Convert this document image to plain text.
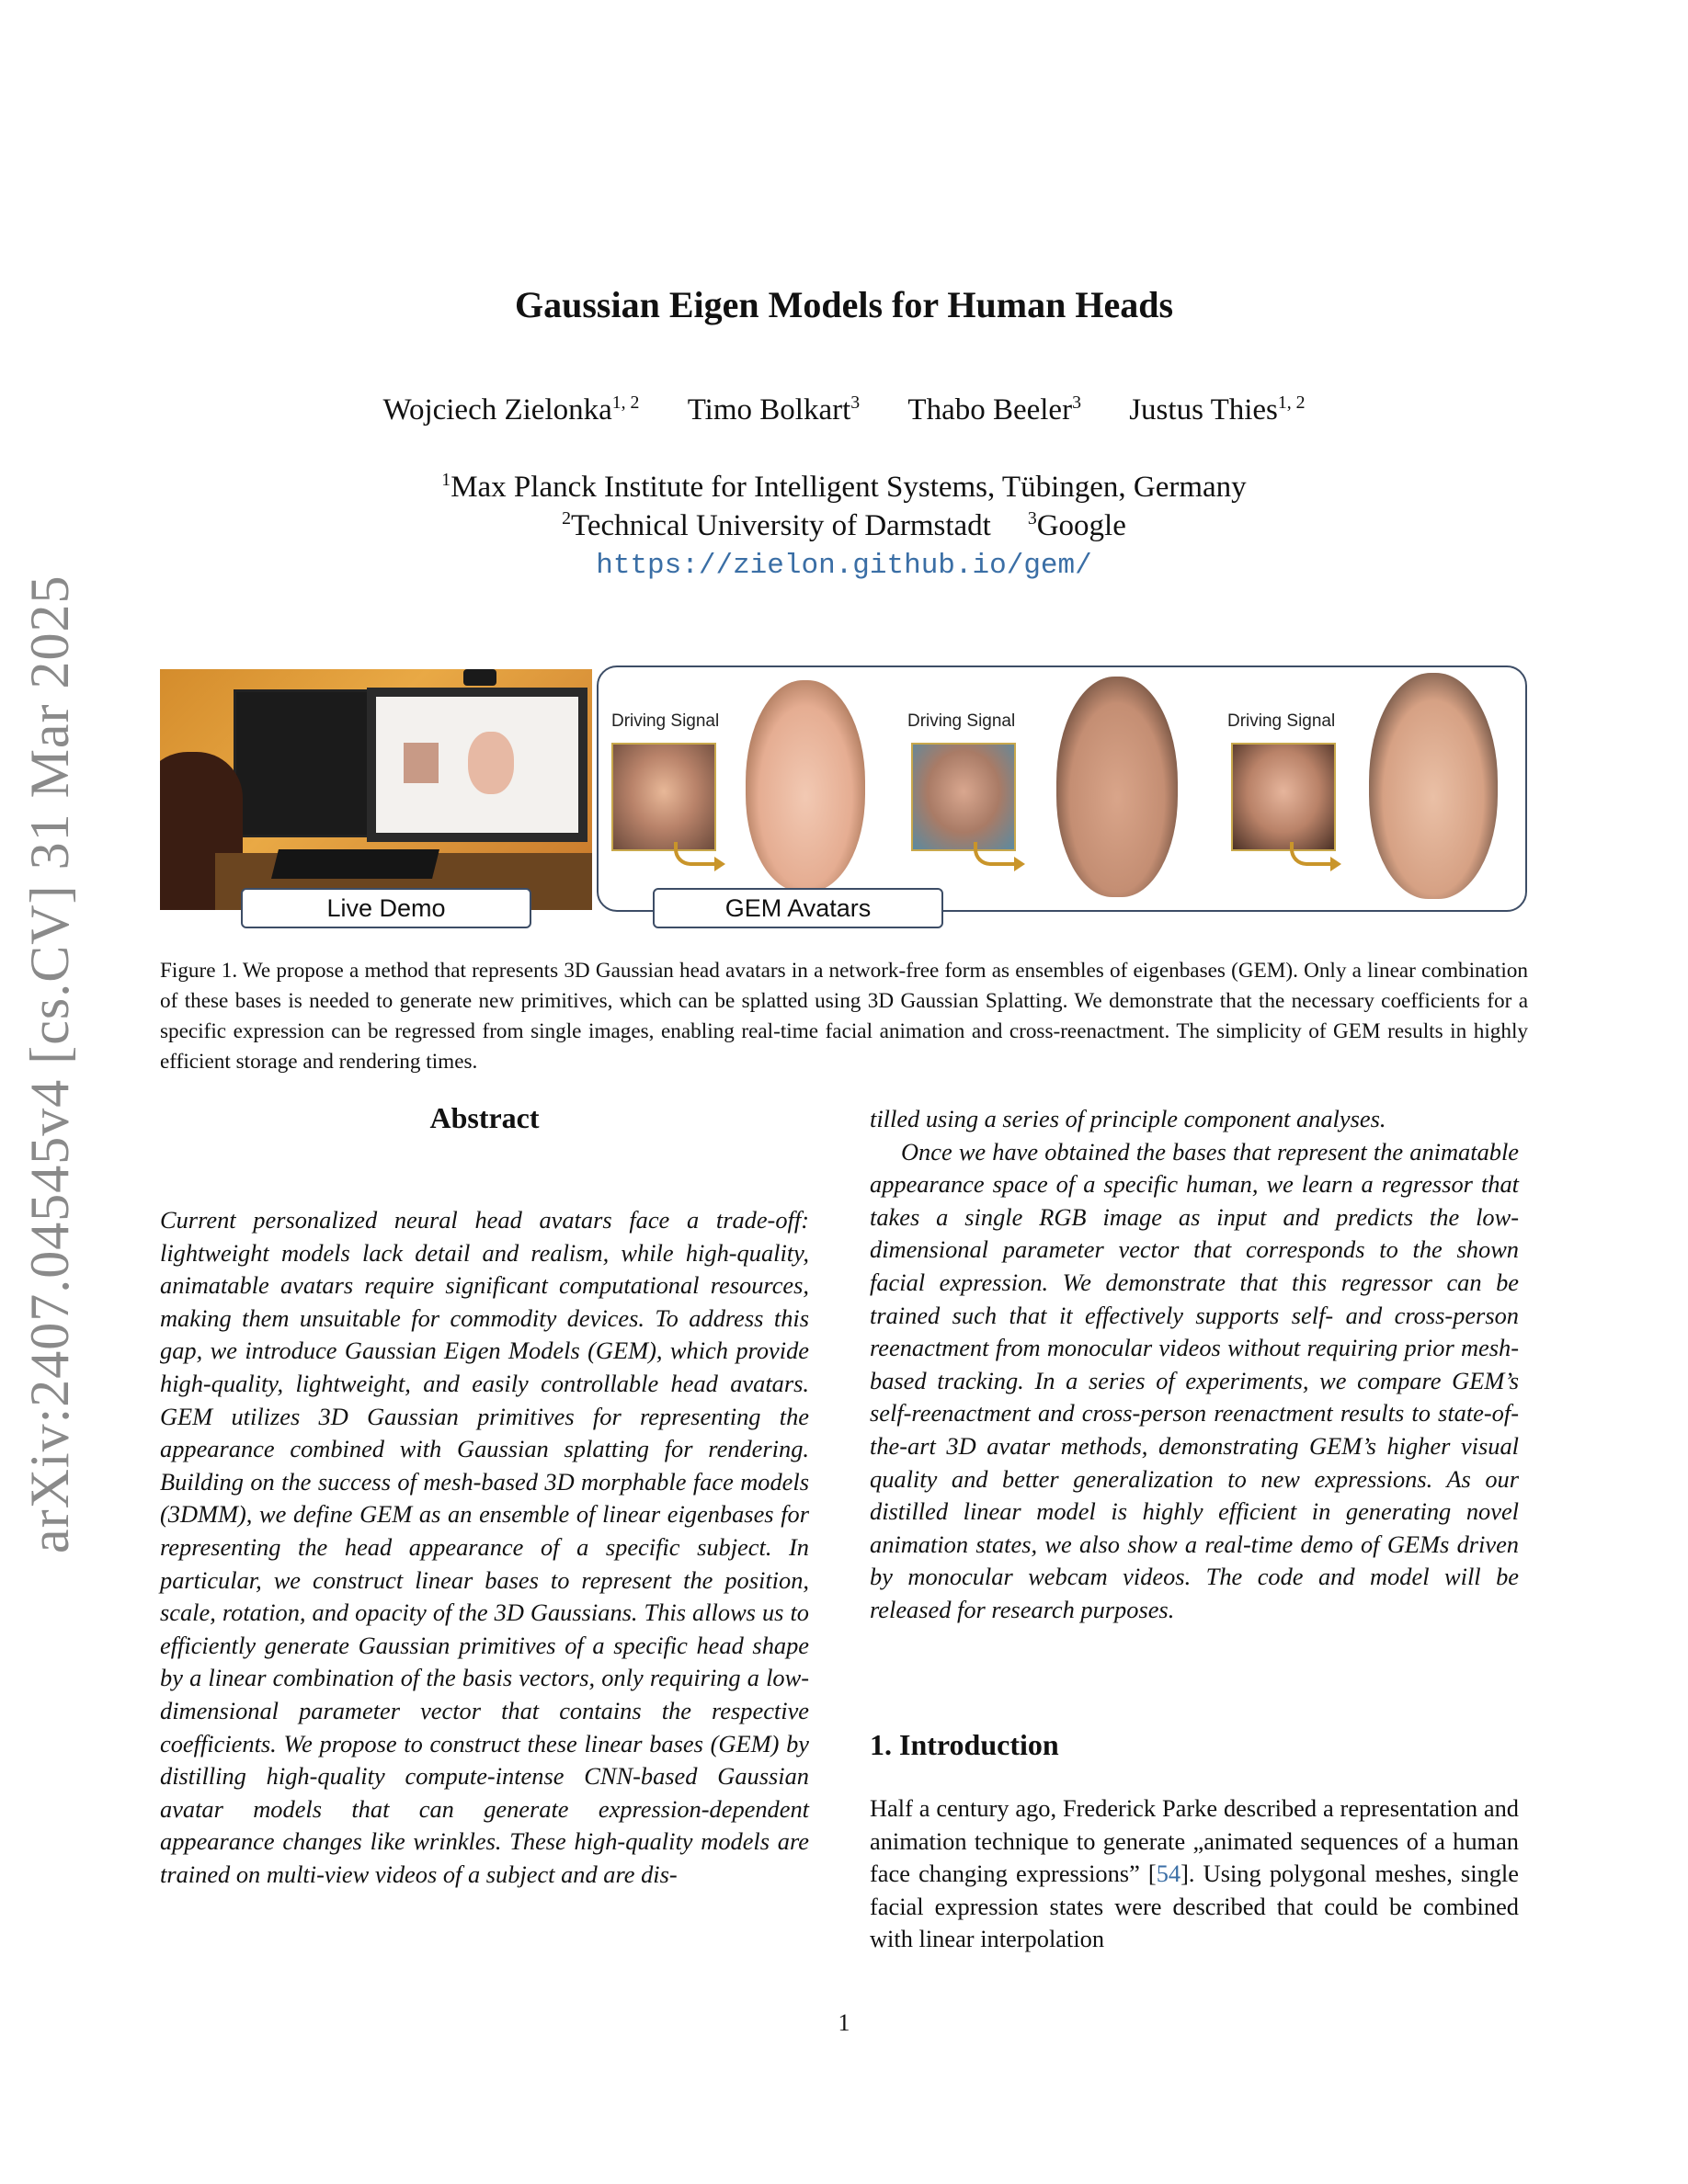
arXiv:2407.04545v4 [cs.CV] 31 Mar 2025
Gaussian Eigen Models for Human Heads
Wojciech Zielonka$^{1, 2}$ Timo Bolkart$^3$ Thabo Beeler$^3$ Justus Thies$^{1, 2}$
$^1$Max Planck Institute for Intelligent Systems, Tübingen, Germany
$^2$Technical University of Darmstadt $^3$Google
https://zielon.github.io/gem/
Driving Signal	Driving Signal	Driving Signal
Live Demo	GEM Avatars
Figure 1. We propose a method that represents 3D Gaussian head avatars in a network-free form as ensembles of eigenbases (GEM). Only a linear combination of these bases is needed to generate new primitives, which can be splatted using 3D Gaussian Splatting. We demonstrate that the necessary coefficients for a specific expression can be regressed from single images, enabling real-time facial animation and cross-reenactment. The simplicity of GEM results in highly efficient storage and rendering times.
Abstract
Current personalized neural head avatars face a trade-off: lightweight models lack detail and realism, while high-quality, animatable avatars require significant computational resources, making them unsuitable for commodity devices. To address this gap, we introduce Gaussian Eigen Models (GEM), which provide high-quality, lightweight, and easily controllable head avatars. GEM utilizes 3D Gaussian primitives for representing the appearance combined with Gaussian splatting for rendering. Building on the success of mesh-based 3D morphable face models (3DMM), we define GEM as an ensemble of linear eigenbases for representing the head appearance of a specific subject. In particular, we construct linear bases to represent the position, scale, rotation, and opacity of the 3D Gaussians. This allows us to efficiently generate Gaussian primitives of a specific head shape by a linear combination of the basis vectors, only requiring a low-dimensional parameter vector that contains the respective coefficients. We propose to construct these linear bases (GEM) by distilling high-quality compute-intense CNN-based Gaussian avatar models that can generate expression-dependent appearance changes like wrinkles. These high-quality models are trained on multi-view videos of a subject and are dis-

tilled using a series of principle component analyses.

Once we have obtained the bases that represent the animatable appearance space of a specific human, we learn a regressor that takes a single RGB image as input and predicts the low-dimensional parameter vector that corresponds to the shown facial expression. We demonstrate that this regressor can be trained such that it effectively supports self- and cross-person reenactment from monocular videos without requiring prior mesh-based tracking. In a series of experiments, we compare GEM’s self-reenactment and cross-person reenactment results to state-of-the-art 3D avatar methods, demonstrating GEM’s higher visual quality and better generalization to new expressions. As our distilled linear model is highly efficient in generating novel animation states, we also show a real-time demo of GEMs driven by monocular webcam videos. The code and model will be released for research purposes.

1. Introduction
Half a century ago, Frederick Parke described a representation and animation technique to generate „animated sequences of a human face changing expressions” [54]. Using polygonal meshes, single facial expression states were described that could be combined with linear interpolation
1
